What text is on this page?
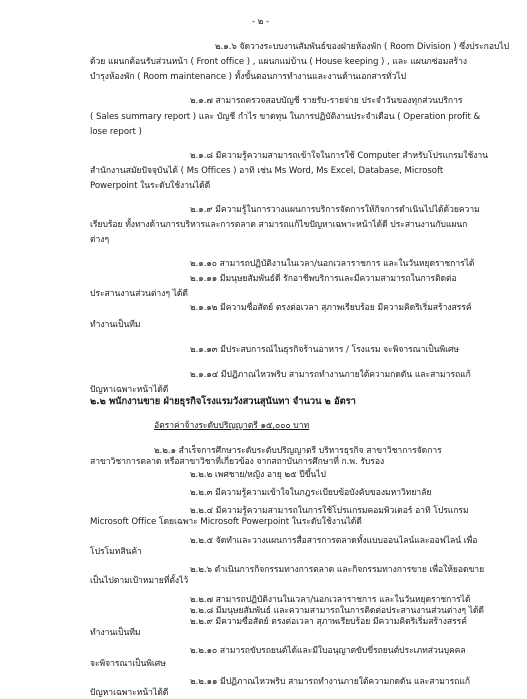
- ๒ -
๒.๑.๖ จัดวางระบบงานสัมพันธ์ของฝ่ายห้องพัก ( Room Division ) ซึ่งประกอบไป
ด้วย แผนกต้อนรับส่วนหน้า ( Front office ) , แผนกแม่บ้าน ( House keeping ) , และ แผนกซ่อมสร้าง
บำรุงห้องพัก ( Room maintenance ) ทั้งขั้นตอนการทำงานและงานด้านเอกสารทั่วไป
๒.๑.๗ สามารถตรวจสอบบัญชี รายรับ-รายจ่าย ประจำวันของทุกส่วนบริการ
( Sales summary report ) และ บัญชี กำไร ขาดทุน ในการปฏิบัติงานประจำเดือน ( Operation profit &
lose report )
๒.๑.๘ มีความรู้ความสามารถเข้าใจในการใช้ Computer สำหรับโปรแกรมใช้งาน
สำนักงานสมัยปัจจุบันได้ ( Ms Offices ) อาทิ เช่น Ms Word, Ms Excel, Database, Microsoft
Powerpoint ในระดับใช้งานได้ดี
๒.๑.๙ มีความรู้ในการวางแผนการบริการจัดการให้กิจการดำเนินไปได้ด้วยความ
เรียบร้อย ทั้งทางด้านการบริหารและการตลาด สามารถแก้ไขปัญหาเฉพาะหน้าได้ดี ประสานงานกับแผนก
ต่างๆ
๒.๑.๑๐ สามารถปฏิบัติงานในเวลา/นอกเวลาราชการ และในวันหยุดราชการได้
๒.๑.๑๑ มีมนุษยสัมพันธ์ดี รักอาชีพบริการและมีความสามารถในการติดต่อ
ประสานงานส่วนต่างๆ ได้ดี
๒.๑.๑๒ มีความซื่อสัตย์ ตรงต่อเวลา สุภาพเรียบร้อย มีความคิดริเริ่มสร้างสรรค์
ทำงานเป็นทีม
๒.๑.๑๓ มีประสบการณ์ในธุรกิจร้านอาหาร / โรงแรม จะพิจารณาเป็นพิเศษ
๒.๑.๑๔ มีปฏิภาณไหวพริบ สามารถทำงานภายใต้ความกดดัน และสามารถแก้
ปัญหาเฉพาะหน้าได้ดี
๒.๒ พนักงานขาย ฝ่ายธุรกิจโรงแรมวังสวนสุนันทา จำนวน ๒ อัตรา
อัตราค่าจ้างระดับปริญญาตรี ๑๕,๐๐๐ บาท
๒.๒.๑ สำเร็จการศึกษาระดับระดับปริญญาตรี บริหารธุรกิจ สาขาวิชาการจัดการ
สาขาวิชาการตลาด หรือสาขาวิชาที่เกี่ยวข้อง จากสถาบันการศึกษาที่ ก.พ. รับรอง
๒.๒.๒ เพศชาย/หญิง อายุ ๒๕ ปีขึ้นไป
๒.๒.๓ มีความรู้ความเข้าใจในกฎระเบียบข้อบังคับของมหาวิทยาลัย
๒.๒.๔ มีความรู้ความสามารถในการใช้โปรแกรมคอมพิวเตอร์ อาทิ โปรแกรม
Microsoft Office โดยเฉพาะ Microsoft Powerpoint ในระดับใช้งานได้ดี
๒.๒.๕ จัดทำและวางแผนการสื่อสารการตลาดทั้งแบบออนไลน์และออฟไลน์ เพื่อ
โปรโมทสินค้า
๒.๒.๖ ดำเนินการกิจกรรมทางการตลาด และกิจกรรมทางการขาย เพื่อให้ยอดขาย
เป็นไปตามเป้าหมายที่ตั้งไว้
๒.๒.๗ สามารถปฏิบัติงานในเวลา/นอกเวลาราชการ และในวันหยุดราชการได้
๒.๒.๘ มีมนุษยสัมพันธ์ และความสามารถในการติดต่อประสานงานส่วนต่างๆ ได้ดี
๒.๒.๙ มีความซื่อสัตย์ ตรงต่อเวลา สุภาพเรียบร้อย มีความคิดริเริ่มสร้างสรรค์
ทำงานเป็นทีม
๒.๒.๑๐ สามารถขับรถยนต์ได้และมีใบอนุญาตขับขี่รถยนต์ประเภทส่วนบุคคล
จะพิจารณาเป็นพิเศษ
๒.๒.๑๑ มีปฏิภาณไหวพริบ สามารถทำงานภายใต้ความกดดัน และสามารถแก้
ปัญหาเฉพาะหน้าได้ดี
